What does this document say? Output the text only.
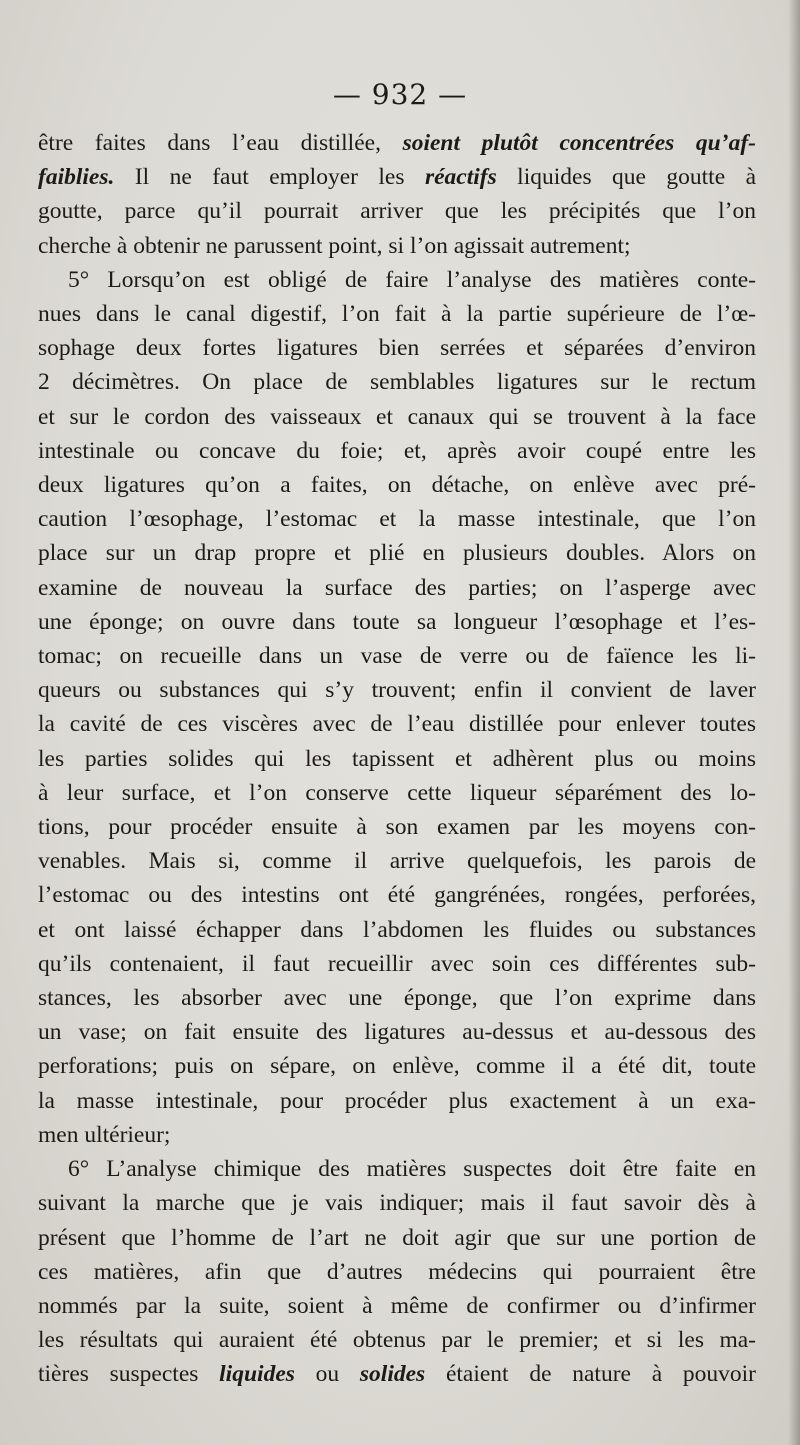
— 932 —
être faites dans l’eau distillée, soient plutôt concentrées qu’af-
faiblies. Il ne faut employer les réactifs liquides que goutte à
goutte, parce qu’il pourrait arriver que les précipités que l’on
cherche à obtenir ne parussent point, si l’on agissait autrement;
5° Lorsqu’on est obligé de faire l’analyse des matières conte-
nues dans le canal digestif, l’on fait à la partie supérieure de l’œ-
sophage deux fortes ligatures bien serrées et séparées d’environ
2 décimètres. On place de semblables ligatures sur le rectum
et sur le cordon des vaisseaux et canaux qui se trouvent à la face
intestinale ou concave du foie; et, après avoir coupé entre les
deux ligatures qu’on a faites, on détache, on enlève avec pré-
caution l’œsophage, l’estomac et la masse intestinale, que l’on
place sur un drap propre et plié en plusieurs doubles. Alors on
examine de nouveau la surface des parties; on l’asperge avec
une éponge; on ouvre dans toute sa longueur l’œsophage et l’es-
tomac; on recueille dans un vase de verre ou de faïence les li-
queurs ou substances qui s’y trouvent; enfin il convient de laver
la cavité de ces viscères avec de l’eau distillée pour enlever toutes
les parties solides qui les tapissent et adhèrent plus ou moins
à leur surface, et l’on conserve cette liqueur séparément des lo-
tions, pour procéder ensuite à son examen par les moyens con-
venables. Mais si, comme il arrive quelquefois, les parois de
l’estomac ou des intestins ont été gangrénées, rongées, perforées,
et ont laissé échapper dans l’abdomen les fluides ou substances
qu’ils contenaient, il faut recueillir avec soin ces différentes sub-
stances, les absorber avec une éponge, que l’on exprime dans
un vase; on fait ensuite des ligatures au-dessus et au-dessous des
perforations; puis on sépare, on enlève, comme il a été dit, toute
la masse intestinale, pour procéder plus exactement à un exa-
men ultérieur;
6° L’analyse chimique des matières suspectes doit être faite en
suivant la marche que je vais indiquer; mais il faut savoir dès à
présent que l’homme de l’art ne doit agir que sur une portion de
ces matières, afin que d’autres médecins qui pourraient être
nommés par la suite, soient à même de confirmer ou d’infirmer
les résultats qui auraient été obtenus par le premier; et si les ma-
tières suspectes liquides ou solides étaient de nature à pouvoir
